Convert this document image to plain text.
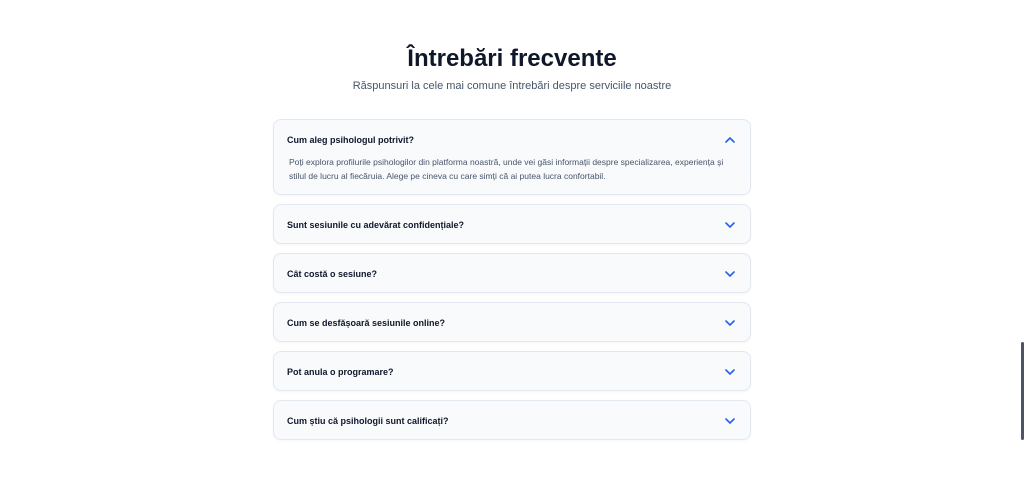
Întrebări frecvente

Răspunsuri la cele mai comune întrebări despre serviciile noastre

Cum aleg psihologul potrivit?
Poți explora profilurile psihologilor din platforma noastră, unde vei găsi informații despre specializarea, experiența și stilul de lucru al fiecăruia. Alege pe cineva cu care simți că ai putea lucra confortabil.
Sunt sesiunile cu adevărat confidențiale?
Cât costă o sesiune?
Cum se desfășoară sesiunile online?
Pot anula o programare?
Cum știu că psihologii sunt calificați?
